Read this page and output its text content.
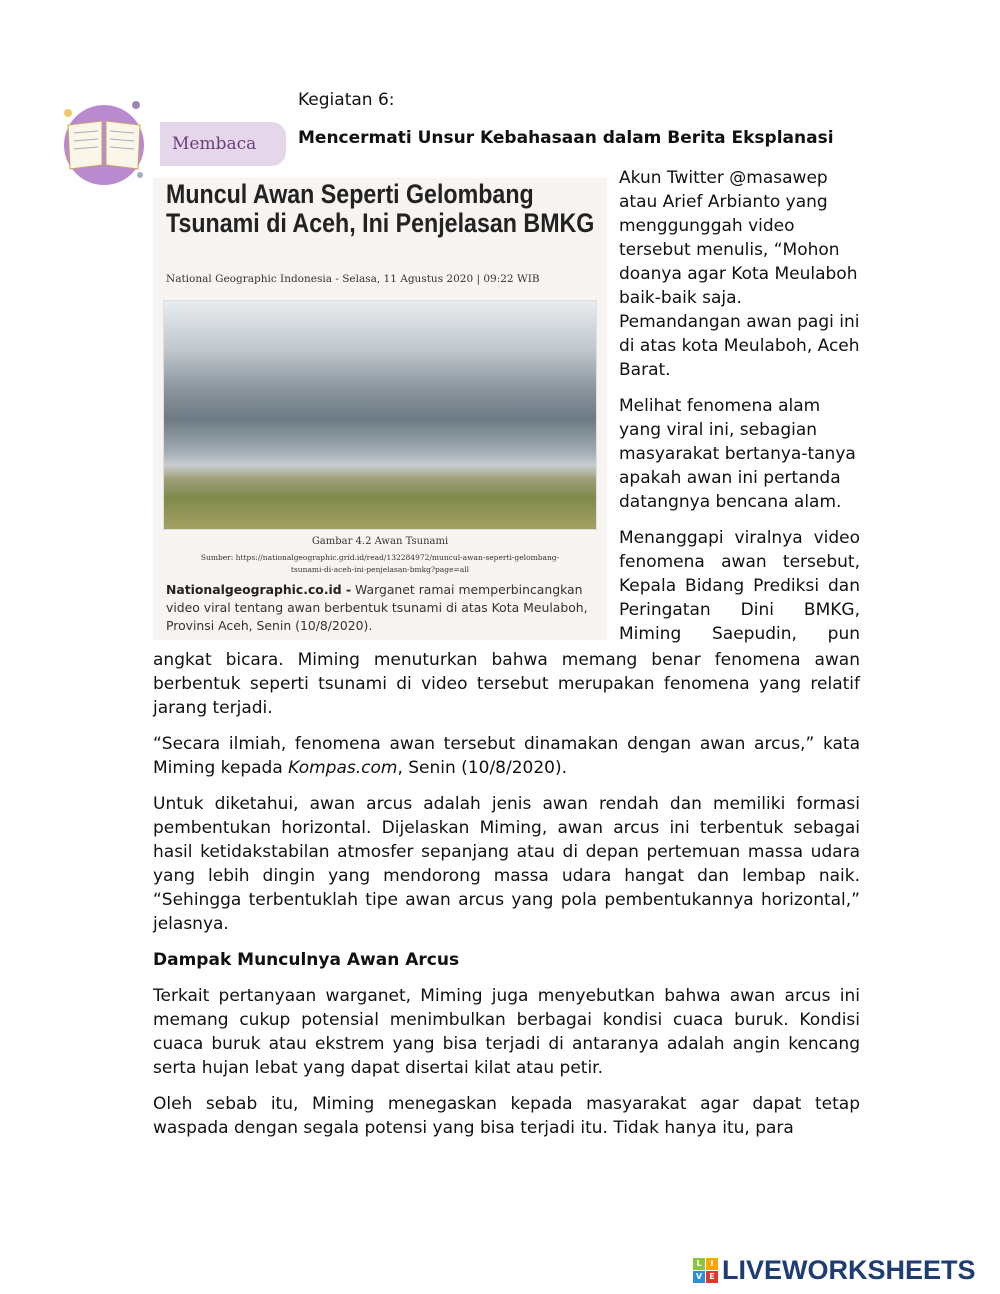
Membaca
Kegiatan 6:
Mencermati Unsur Kebahasaan dalam Berita Eksplanasi
Muncul Awan Seperti Gelombang Tsunami di Aceh, Ini Penjelasan BMKG
National Geographic Indonesia - Selasa, 11 Agustus 2020 | 09:22 WIB
Gambar 4.2 Awan Tsunami
Sumber: https://nationalgeographic.grid.id/read/132284972/muncul-awan-seperti-gelombang-tsunami-di-aceh-ini-penjelasan-bmkg?page=all
Nationalgeographic.co.id - Warganet ramai memperbincangkan video viral tentang awan berbentuk tsunami di atas Kota Meulaboh, Provinsi Aceh, Senin (10/8/2020).

Akun Twitter @masawep atau Arief Arbianto yang menggunggah video tersebut menulis, “Mohon doanya agar Kota Meulaboh baik-baik saja. Pemandangan awan pagi ini di atas kota Meulaboh, Aceh Barat.

Melihat fenomena alam yang viral ini, sebagian masyarakat bertanya-tanya apakah awan ini pertanda datangnya bencana alam.

Menanggapi viralnya video fenomena awan tersebut, Kepala Bidang Prediksi dan Peringatan Dini BMKG, Miming Saepudin, pun

angkat bicara. Miming menuturkan bahwa memang benar fenomena awan berbentuk seperti tsunami di video tersebut merupakan fenomena yang relatif jarang terjadi.

“Secara ilmiah, fenomena awan tersebut dinamakan dengan awan arcus,” kata Miming kepada Kompas.com, Senin (10/8/2020).

Untuk diketahui, awan arcus adalah jenis awan rendah dan memiliki formasi pembentukan horizontal. Dijelaskan Miming, awan arcus ini terbentuk sebagai hasil ketidakstabilan atmosfer sepanjang atau di depan pertemuan massa udara yang lebih dingin yang mendorong massa udara hangat dan lembap naik. “Sehingga terbentuklah tipe awan arcus yang pola pembentukannya horizontal,” jelasnya.

Dampak Munculnya Awan Arcus

Terkait pertanyaan warganet, Miming juga menyebutkan bahwa awan arcus ini memang cukup potensial menimbulkan berbagai kondisi cuaca buruk. Kondisi cuaca buruk atau ekstrem yang bisa terjadi di antaranya adalah angin kencang serta hujan lebat yang dapat disertai kilat atau petir.

Oleh sebab itu, Miming menegaskan kepada masyarakat agar dapat tetap waspada dengan segala potensi yang bisa terjadi itu. Tidak hanya itu, para

L	I
V E LIVEWORKSHEETS
